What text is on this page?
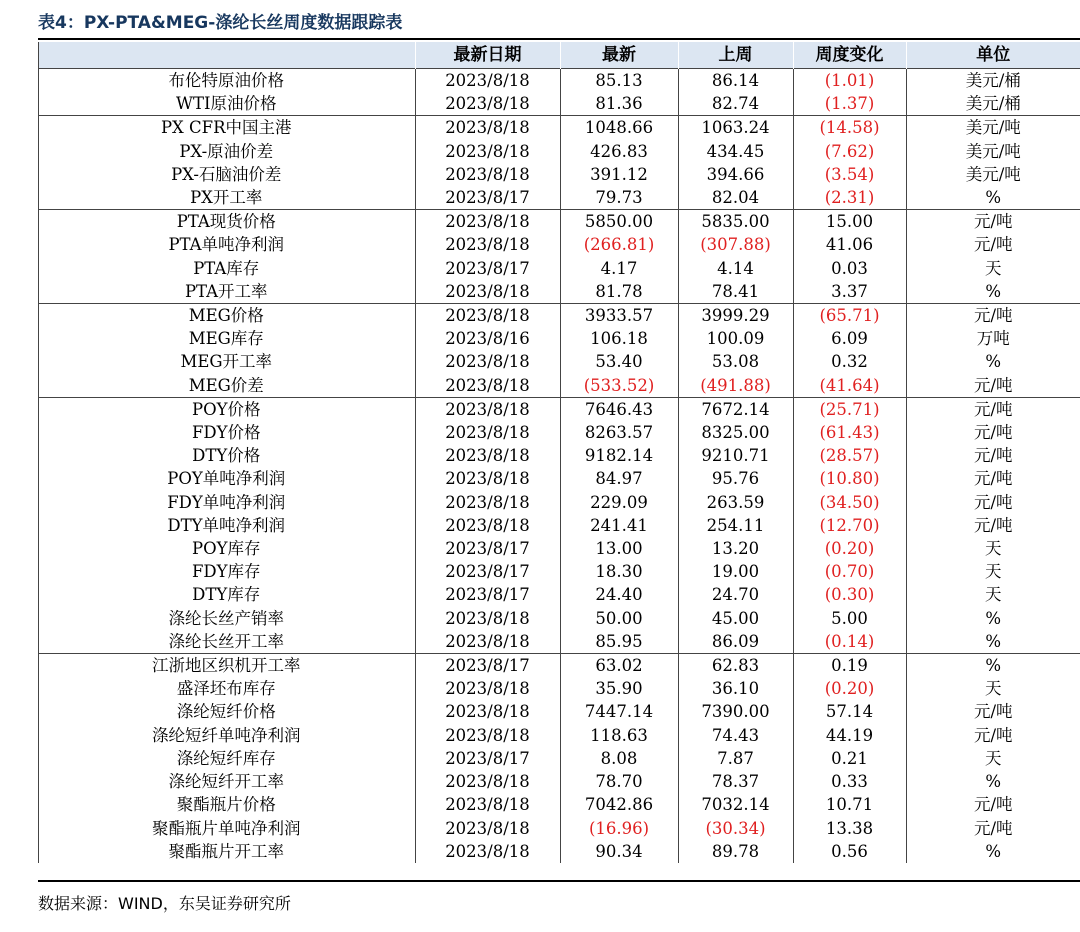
表4：PX-PTA&MEG-涤纶长丝周度数据跟踪表
	最新日期	最新	上周	周度变化	单位
布伦特原油价格	2023/8/18	85.13	86.14	(1.01)	美元/桶
WTI原油价格	2023/8/18	81.36	82.74	(1.37)	美元/桶
PX CFR中国主港	2023/8/18	1048.66	1063.24	(14.58)	美元/吨
PX-原油价差	2023/8/18	426.83	434.45	(7.62)	美元/吨
PX-石脑油价差	2023/8/18	391.12	394.66	(3.54)	美元/吨
PX开工率	2023/8/17	79.73	82.04	(2.31)	%
PTA现货价格	2023/8/18	5850.00	5835.00	15.00	元/吨
PTA单吨净利润	2023/8/18	(266.81)	(307.88)	41.06	元/吨
PTA库存	2023/8/17	4.17	4.14	0.03	天
PTA开工率	2023/8/18	81.78	78.41	3.37	%
MEG价格	2023/8/18	3933.57	3999.29	(65.71)	元/吨
MEG库存	2023/8/16	106.18	100.09	6.09	万吨
MEG开工率	2023/8/18	53.40	53.08	0.32	%
MEG价差	2023/8/18	(533.52)	(491.88)	(41.64)	元/吨
POY价格	2023/8/18	7646.43	7672.14	(25.71)	元/吨
FDY价格	2023/8/18	8263.57	8325.00	(61.43)	元/吨
DTY价格	2023/8/18	9182.14	9210.71	(28.57)	元/吨
POY单吨净利润	2023/8/18	84.97	95.76	(10.80)	元/吨
FDY单吨净利润	2023/8/18	229.09	263.59	(34.50)	元/吨
DTY单吨净利润	2023/8/18	241.41	254.11	(12.70)	元/吨
POY库存	2023/8/17	13.00	13.20	(0.20)	天
FDY库存	2023/8/17	18.30	19.00	(0.70)	天
DTY库存	2023/8/17	24.40	24.70	(0.30)	天
涤纶长丝产销率	2023/8/18	50.00	45.00	5.00	%
涤纶长丝开工率	2023/8/18	85.95	86.09	(0.14)	%
江浙地区织机开工率	2023/8/17	63.02	62.83	0.19	%
盛泽坯布库存	2023/8/18	35.90	36.10	(0.20)	天
涤纶短纤价格	2023/8/18	7447.14	7390.00	57.14	元/吨
涤纶短纤单吨净利润	2023/8/18	118.63	74.43	44.19	元/吨
涤纶短纤库存	2023/8/17	8.08	7.87	0.21	天
涤纶短纤开工率	2023/8/18	78.70	78.37	0.33	%
聚酯瓶片价格	2023/8/18	7042.86	7032.14	10.71	元/吨
聚酯瓶片单吨净利润	2023/8/18	(16.96)	(30.34)	13.38	元/吨
聚酯瓶片开工率	2023/8/18	90.34	89.78	0.56	%
数据来源：WIND，东吴证券研究所
